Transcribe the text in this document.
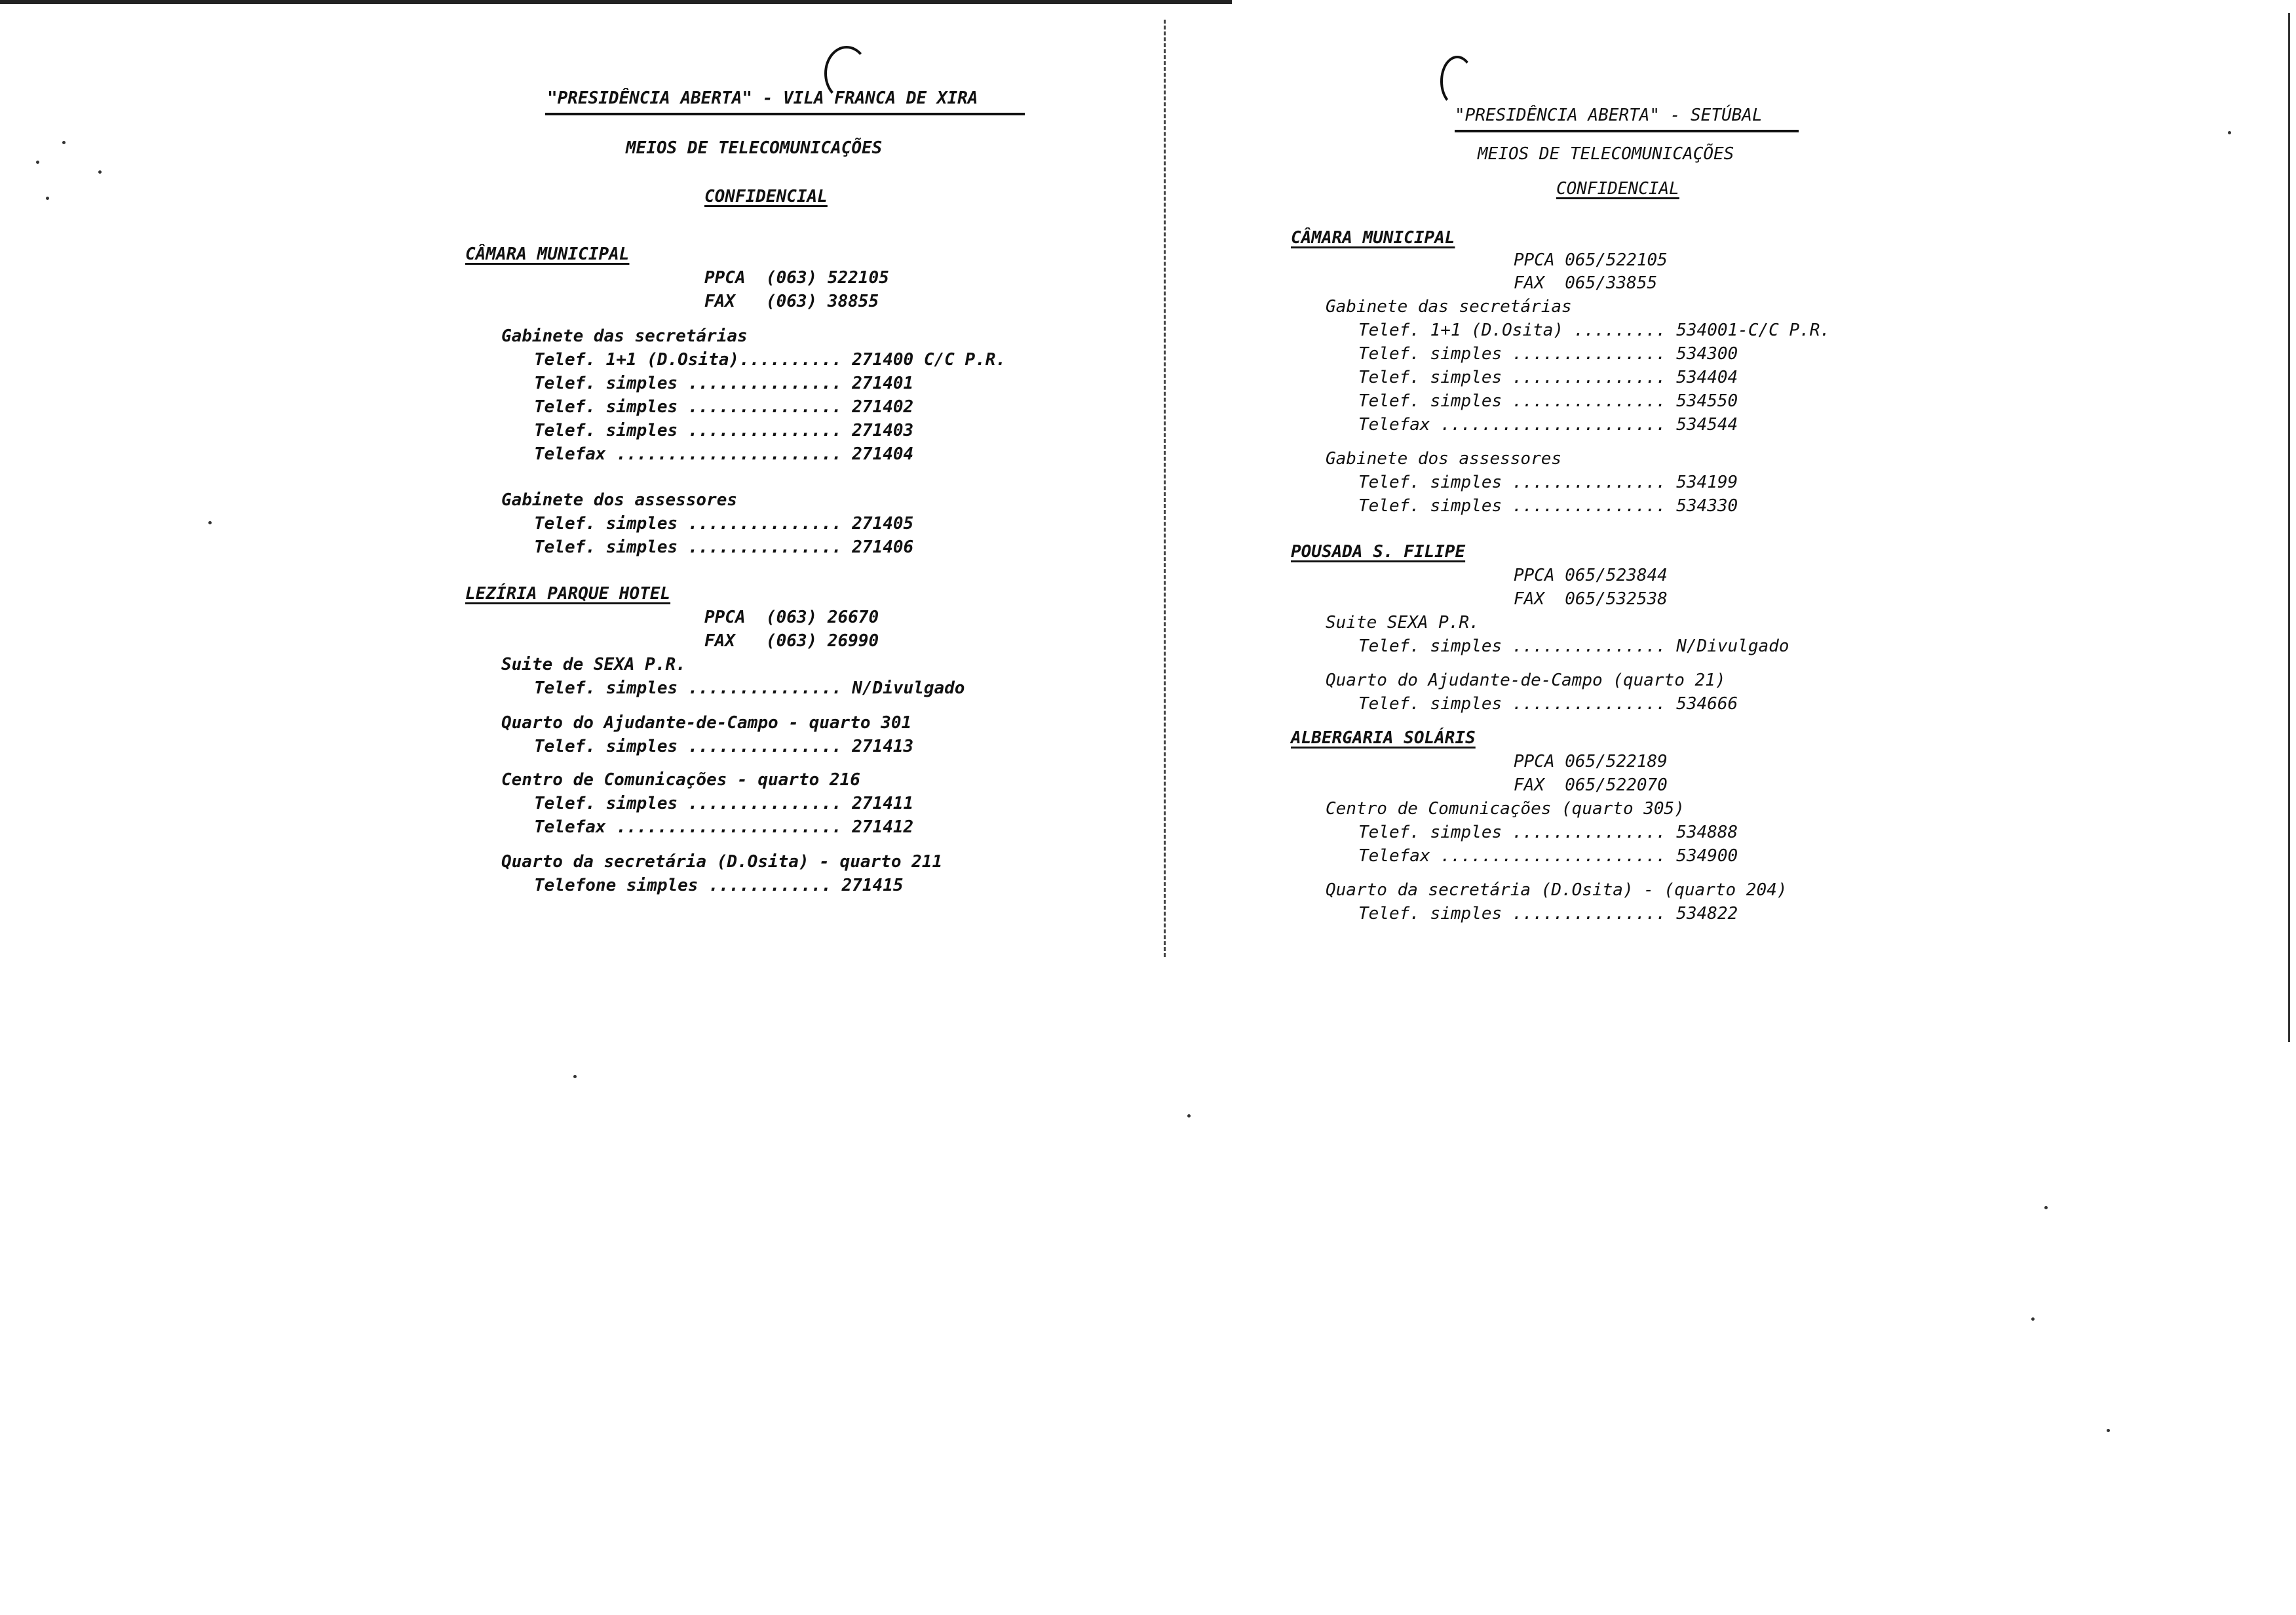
"PRESIDÊNCIA ABERTA" - VILA FRANCA DE XIRA
MEIOS DE TELECOMUNICAÇÕES
CONFIDENCIAL
CÂMARA MUNICIPAL
PPCA  (063) 522105
FAX   (063) 38855
Gabinete das secretárias
Telef. 1+1 (D.Osita).......... 271400 C/C P.R.
Telef. simples ............... 271401
Telef. simples ............... 271402
Telef. simples ............... 271403
Telefax ...................... 271404
Gabinete dos assessores
Telef. simples ............... 271405
Telef. simples ............... 271406
LEZÍRIA PARQUE HOTEL
PPCA  (063) 26670
FAX   (063) 26990
Suite de SEXA P.R.
Telef. simples ............... N/Divulgado
Quarto do Ajudante-de-Campo - quarto 301
Telef. simples ............... 271413
Centro de Comunicações - quarto 216
Telef. simples ............... 271411
Telefax ...................... 271412
Quarto da secretária (D.Osita) - quarto 211
Telefone simples ............ 271415
"PRESIDÊNCIA ABERTA" - SETÚBAL
MEIOS DE TELECOMUNICAÇÕES
CONFIDENCIAL
CÂMARA MUNICIPAL
PPCA 065/522105
FAX  065/33855
Gabinete das secretárias
Telef. 1+1 (D.Osita) ......... 534001-C/C P.R.
Telef. simples ............... 534300
Telef. simples ............... 534404
Telef. simples ............... 534550
Telefax ...................... 534544
Gabinete dos assessores
Telef. simples ............... 534199
Telef. simples ............... 534330
POUSADA S. FILIPE
PPCA 065/523844
FAX  065/532538
Suite SEXA P.R.
Telef. simples ............... N/Divulgado
Quarto do Ajudante-de-Campo (quarto 21)
Telef. simples ............... 534666
ALBERGARIA SOLÁRIS
PPCA 065/522189
FAX  065/522070
Centro de Comunicações (quarto 305)
Telef. simples ............... 534888
Telefax ...................... 534900
Quarto da secretária (D.Osita) - (quarto 204)
Telef. simples ............... 534822
